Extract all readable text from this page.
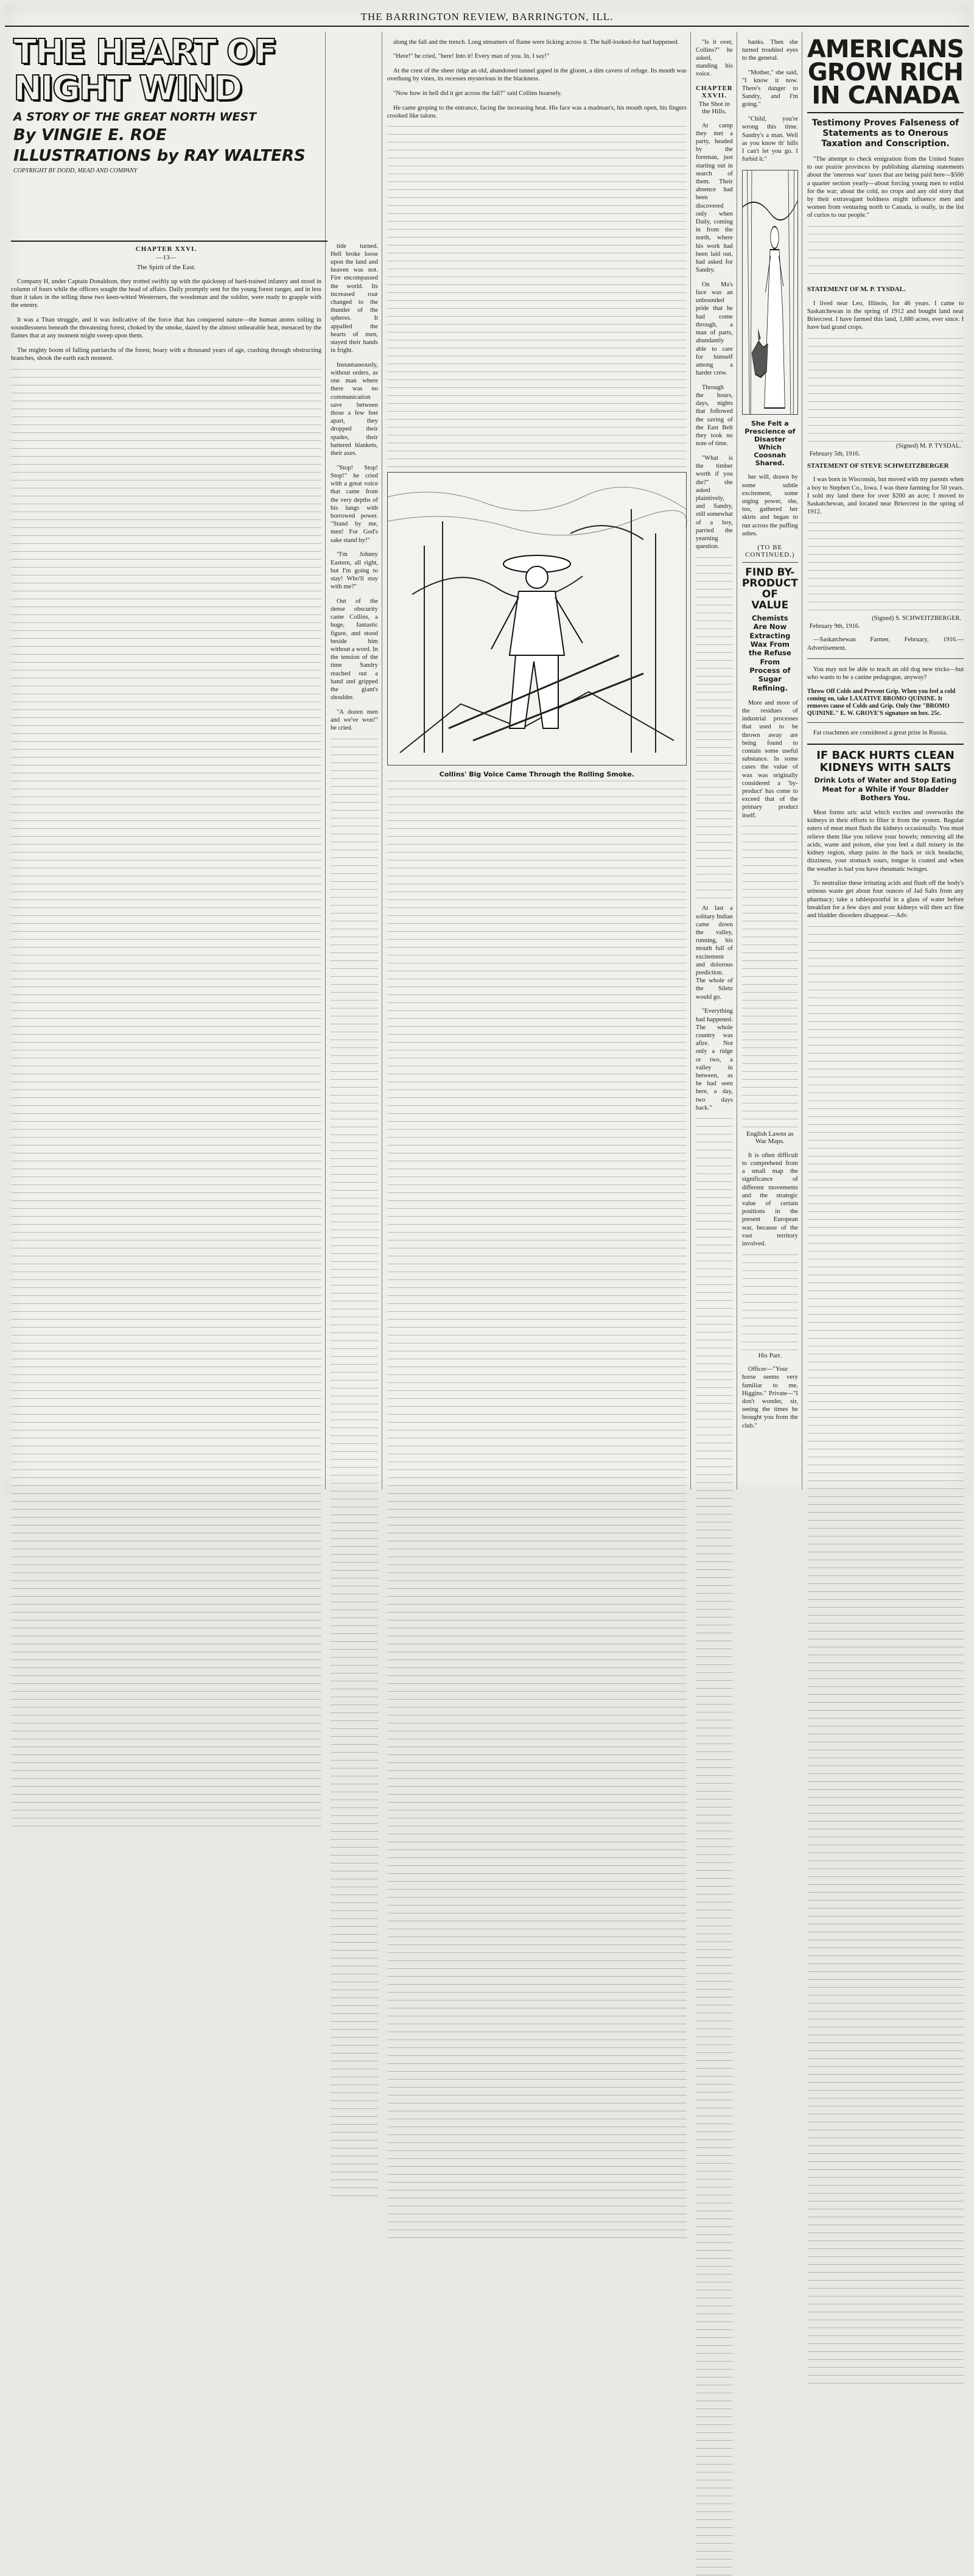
THE BARRINGTON REVIEW, BARRINGTON, ILL.
THE HEART OF
NIGHT WIND
A STORY OF THE GREAT NORTH WEST
By VINGIE E. ROE
ILLUSTRATIONS by RAY WALTERS
COPYRIGHT BY DODD, MEAD AND COMPANY
CHAPTER XXVI.
—13—
The Spirit of the East.

Company H, under Captain Donaldson, they trotted swiftly up with the quickstep of hard-trained infantry and stood in column of fours while the officers sought the head of affairs. Daily promptly sent for the young forest ranger, and in less than it takes in the telling these two keen-witted Westerners, the woodsman and the soldier, were ready to grapple with the enemy.

It was a Titan struggle, and it was indicative of the force that has conquered nature—the human atoms toiling in soundlessness beneath the threatening forest, choked by the smoke, dazed by the almost unbearable heat, menaced by the flames that at any moment might sweep upon them.

The mighty boom of falling patriarchs of the forest, hoary with a thousand years of age, crashing through obstructing branches, shook the earth each moment.

tide turned. Hell broke loose upon the land and heaven was not. Fire encompassed the world. Its increased roar changed to the thunder of the spheres. It appalled the hearts of men, stayed their hands in fright.

Instantaneously, without orders, as one man where there was no communication save between those a few feet apart, they dropped their spades, their battered blankets, their axes.

"Stop! Stop! Stop!" he cried with a great voice that came from the very depths of his lungs with borrowed power. "Stand by me, men! For God's sake stand by!"

"I'm Johnny Eastern, all right, but I'm going to stay! Who'll stay with me?"

Out of the dense obscurity came Collins, a huge, fantastic figure, and stood beside him without a word. In the tension of the time Sandry reached out a hand and gripped the giant's shoulder.

"A dozen men and we've won!" he cried.

along the fall and the trench. Long streamers of flame were licking across it. The half-looked-for had happened.

"Here!" he cried, "here! Into it! Every man of you. In, I say!"

At the crest of the sheer ridge an old, abandoned tunnel gaped in the gloom, a dim cavern of refuge. Its mouth was overhung by vines, its recesses mysterious in the blackness.

"Now how in hell did it get across the fall?" said Collins hoarsely.

He came groping to the entrance, facing the increasing heat. His face was a madman's, his mouth open, his fingers crooked like talons.

Collins' Big Voice Came Through the Rolling Smoke.

"Is it over, Collins?" he asked, standing his voice.

CHAPTER XXVII.
The Shot in the Hills.

At camp they met a party, headed by the foreman, just starting out in search of them. Their absence had been discovered only when Daily, coming in from the north, where his work had been laid out, had asked for Sandry.

On Ma's face was an unbounded pride that he had come through, a man of parts, abundantly able to care for himself among a harder crew.

Through the hours, days, nights that followed the saving of the East Belt they took no note of time.

"What is the timber worth if you die?" she asked plaintively, and Sandry, still somewhat of a boy, parried the yearning question.

At last a solitary Indian came down the valley, running, his mouth full of excitement and dolorous prediction. The whole of the Siletz would go.

"Everything had happened. The whole country was afire. Not only a ridge or two, a valley in between, as he had seen here, a day, two days back."

banks. Then she turned troubled eyes to the general.

"Mother," she said, "I know it now. There's danger to Sandry, and I'm going."

"Child, you're wrong this time. Sandry's a man. Well as you know th' hills I can't let you go. I forbid it."

She Felt a Prescience of Disaster Which Coosnah Shared.

her will, drawn by some subtle excitement, some urging power, she, too, gathered her skirts and began to run across the puffing ashes.

(TO BE CONTINUED.)
FIND BY-PRODUCT OF VALUE
Chemists Are Now Extracting Wax From the Refuse From Process of Sugar Refining.

More and more of the residues of industrial processes that used to be thrown away are being found to contain some useful substance. In some cases the value of wax was originally considered a 'by-product' has come to exceed that of the primary product itself.

English Lawns as War Maps.

It is often difficult to comprehend from a small map the significance of different movements and the strategic value of certain positions in the present European war, because of the vast territory involved.

His Part.

Officer—"Your horse seems very familiar to me, Higgins." Private—"I don't wonder, sir, seeing the times he brought you from the club."

AMERICANS GROW RICH IN CANADA
Testimony Proves Falseness of Statements as to Onerous Taxation and Conscription.

"The attempt to check emigration from the United States to our prairie provinces by publishing alarming statements about the 'onerous war' taxes that are being paid here—$500 a quarter section yearly—about forcing young men to enlist for the war; about the cold, no crops and any old story that by their extravagant boldness might influence men and women from venturing north to Canada, is really, in the list of curios to our people."

STATEMENT OF M. P. TYSDAL.

I lived near Leo, Illinois, for 46 years. I came to Saskatchewan in the spring of 1912 and bought land near Briercrest. I have farmed this land, 1,680 acres, ever since. I have had grand crops.

(Signed) M. P. TYSDAL.
February 5th, 1916.
STATEMENT OF STEVE SCHWEITZBERGER

I was born in Wisconsin, but moved with my parents when a boy to Stephen Co., Iowa. I was there farming for 50 years. I sold my land there for over $200 an acre; I moved to Saskatchewan, and located near Briercrest in the spring of 1912.

(Signed) S. SCHWEITZBERGER.
February 9th, 1916.

—Saskatchewan Farmer, February, 1916.—Advertisement.

You may not be able to teach an old dog new tricks—but who wants to be a canine pedagogue, anyway?

Throw Off Colds and Prevent Grip. When you feel a cold coming on, take LAXATIVE BROMO QUININE. It removes cause of Colds and Grip. Only One "BROMO QUININE." E. W. GROVE'S signature on box. 25c.

Fat coachmen are considered a great prize in Russia.

IF BACK HURTS CLEAN KIDNEYS WITH SALTS
Drink Lots of Water and Stop Eating Meat for a While if Your Bladder Bothers You.

Meat forms uric acid which excites and overworks the kidneys in their efforts to filter it from the system. Regular eaters of meat must flush the kidneys occasionally. You must relieve them like you relieve your bowels; removing all the acids, waste and poison, else you feel a dull misery in the kidney region, sharp pains in the back or sick headache, dizziness, your stomach sours, tongue is coated and when the weather is bad you have rheumatic twinges.

To neutralize these irritating acids and flush off the body's urinous waste get about four ounces of Jad Salts from any pharmacy; take a tablespoonful in a glass of water before breakfast for a few days and your kidneys will then act fine and bladder disorders disappear.—Adv.
